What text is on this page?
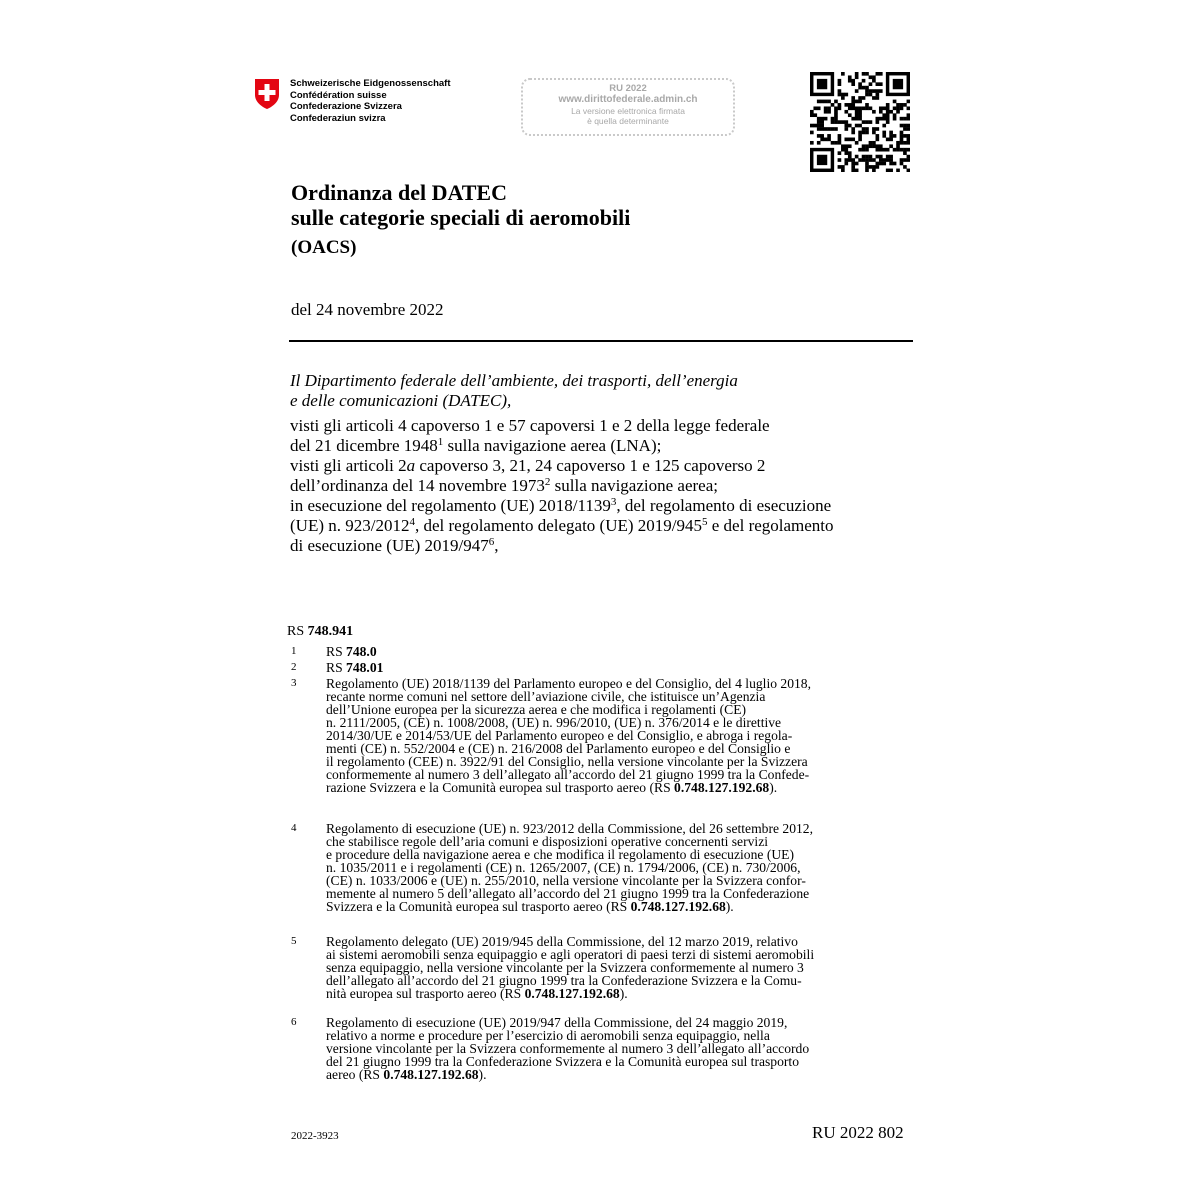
Schweizerische Eidgenossenschaft
Confédération suisse
Confederazione Svizzera
Confederaziun svizra
RU 2022
www.dirittofederale.admin.ch
La versione elettronica firmata
è quella determinante
Ordinanza del DATEC
sulle categorie speciali di aeromobili
(OACS)
del 24 novembre 2022
Il Dipartimento federale dell’ambiente, dei trasporti, dell’energia
e delle comunicazioni (DATEC),
visti gli articoli 4 capoverso 1 e 57 capoversi 1 e 2 della legge federale
del 21 dicembre 1948$^1$ sulla navigazione aerea (LNA);
visti gli articoli 2a capoverso 3, 21, 24 capoverso 1 e 125 capoverso 2
dell’ordinanza del 14 novembre 1973$^2$ sulla navigazione aerea;
in esecuzione del regolamento (UE) 2018/1139$^3$, del regolamento di esecuzione
(UE) n. 923/2012$^4$, del regolamento delegato (UE) $2019/945^5$ e del regolamento
di esecuzione (UE) $2019/947^6$,
RS 748.941
1 RS 748.0
2 RS 748.01
3 Regolamento (UE) 2018/1139 del Parlamento europeo e del Consiglio, del 4 luglio 2018,
recante norme comuni nel settore dell’aviazione civile, che istituisce un’Agenzia
dell’Unione europea per la sicurezza aerea e che modifica i regolamenti (CE)
n. 2111/2005, (CE) n. 1008/2008, (UE) n. 996/2010, (UE) n. 376/2014 e le direttive
2014/30/UE e 2014/53/UE del Parlamento europeo e del Consiglio, e abroga i regola-
menti (CE) n. 552/2004 e (CE) n. 216/2008 del Parlamento europeo e del Consiglio e
il regolamento (CEE) n. 3922/91 del Consiglio, nella versione vincolante per la Svizzera
conformemente al numero 3 dell’allegato all’accordo del 21 giugno 1999 tra la Confede-
razione Svizzera e la Comunità europea sul trasporto aereo (RS 0.748.127.192.68).
4 Regolamento di esecuzione (UE) n. 923/2012 della Commissione, del 26 settembre 2012,
che stabilisce regole dell’aria comuni e disposizioni operative concernenti servizi
e procedure della navigazione aerea e che modifica il regolamento di esecuzione (UE)
n. 1035/2011 e i regolamenti (CE) n. 1265/2007, (CE) n. 1794/2006, (CE) n. 730/2006,
(CE) n. 1033/2006 e (UE) n. 255/2010, nella versione vincolante per la Svizzera confor-
memente al numero 5 dell’allegato all’accordo del 21 giugno 1999 tra la Confederazione
Svizzera e la Comunità europea sul trasporto aereo (RS 0.748.127.192.68).
5 Regolamento delegato (UE) 2019/945 della Commissione, del 12 marzo 2019, relativo
ai sistemi aeromobili senza equipaggio e agli operatori di paesi terzi di sistemi aeromobili
senza equipaggio, nella versione vincolante per la Svizzera conformemente al numero 3
dell’allegato all’accordo del 21 giugno 1999 tra la Confederazione Svizzera e la Comu-
nità europea sul trasporto aereo (RS 0.748.127.192.68).
6 Regolamento di esecuzione (UE) 2019/947 della Commissione, del 24 maggio 2019,
relativo a norme e procedure per l’esercizio di aeromobili senza equipaggio, nella
versione vincolante per la Svizzera conformemente al numero 3 dell’allegato all’accordo
del 21 giugno 1999 tra la Confederazione Svizzera e la Comunità europea sul trasporto
aereo (RS 0.748.127.192.68).
2022-3923	RU 2022 802
